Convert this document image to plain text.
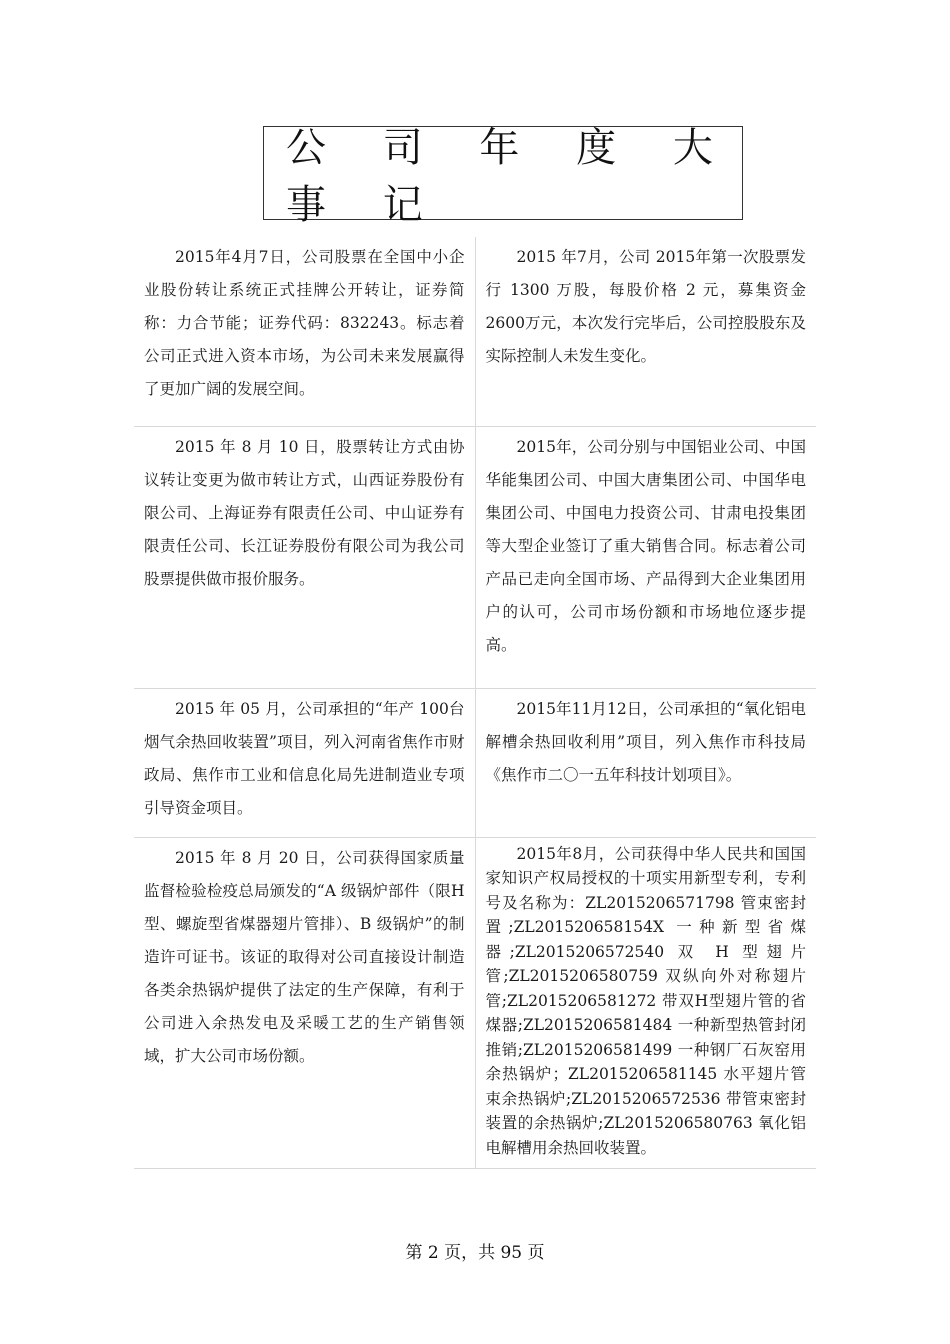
公 司 年 度 大 事 记

2015年4月7日，公司股票在全国中小企业股份转让系统正式挂牌公开转让，证券简称：力合节能；证券代码：832243。标志着公司正式进入资本市场，为公司未来发展赢得了更加广阔的发展空间。	2015 年7月，公司 2015年第一次股票发行 1300 万股，每股价格 2 元，募集资金 2600万元，本次发行完毕后，公司控股股东及实际控制人未发生变化。

2015 年 8 月 10 日，股票转让方式由协议转让变更为做市转让方式，山西证券股份有限公司、上海证券有限责任公司、中山证券有限责任公司、长江证券股份有限公司为我公司股票提供做市报价服务。	2015年，公司分别与中国铝业公司、中国华能集团公司、中国大唐集团公司、中国华电集团公司、中国电力投资公司、甘肃电投集团等大型企业签订了重大销售合同。标志着公司产品已走向全国市场、产品得到大企业集团用户的认可，公司市场份额和市场地位逐步提高。

2015 年 05 月，公司承担的“年产 100台烟气余热回收装置”项目，列入河南省焦作市财政局、焦作市工业和信息化局先进制造业专项引导资金项目。	2015年11月12日，公司承担的“氧化铝电解槽余热回收利用”项目，列入焦作市科技局《焦作市二〇一五年科技计划项目》。

2015 年 8 月 20 日，公司获得国家质量监督检验检疫总局颁发的“A 级锅炉部件（限H 型、螺旋型省煤器翅片管排）、B 级锅炉”的制造许可证书。该证的取得对公司直接设计制造各类余热锅炉提供了法定的生产保障，有利于公司进入余热发电及采暖工艺的生产销售领域，扩大公司市场份额。	2015年8月，公司获得中华人民共和国国家知识产权局授权的十项实用新型专利，专利号及名称为：ZL2015206571798 管束密封置;ZL201520658154X 一种新型省煤器;ZL2015206572540 双 H 型翅片管;ZL2015206580759 双纵向外对称翅片管;ZL2015206581272 带双H型翅片管的省煤器;ZL2015206581484 一种新型热管封闭推销;ZL2015206581499 一种钢厂石灰窑用余热锅炉；ZL2015206581145 水平翅片管束余热锅炉;ZL2015206572536 带管束密封装置的余热锅炉;ZL2015206580763 氧化铝电解槽用余热回收装置。

第 2 页，共 95 页
